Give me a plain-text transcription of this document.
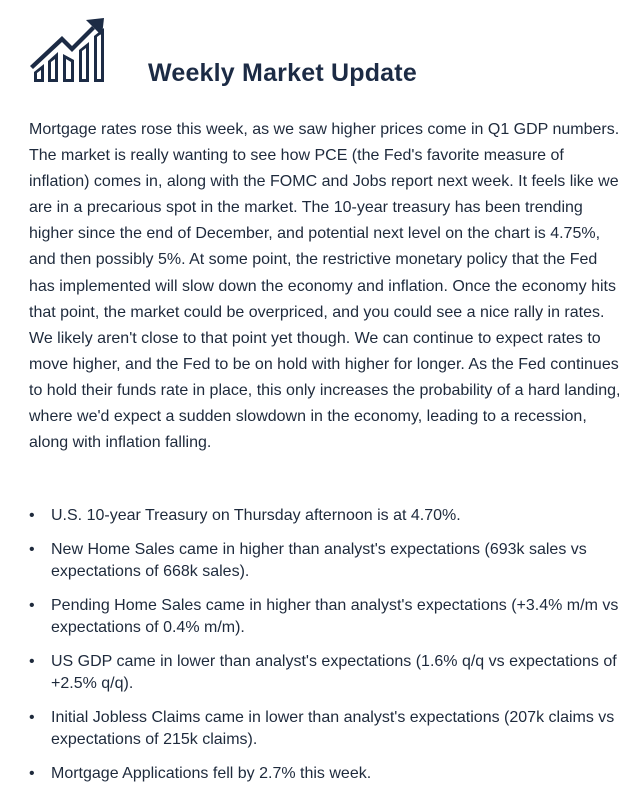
Weekly Market Update

Mortgage rates rose this week, as we saw higher prices come in Q1 GDP numbers. The market is really wanting to see how PCE (the Fed's favorite measure of inflation) comes in, along with the FOMC and Jobs report next week. It feels like we are in a precarious spot in the market. The 10-year treasury has been trending higher since the end of December, and potential next level on the chart is 4.75%, and then possibly 5%. At some point, the restrictive monetary policy that the Fed has implemented will slow down the economy and inflation. Once the economy hits that point, the market could be overpriced, and you could see a nice rally in rates. We likely aren't close to that point yet though. We can continue to expect rates to move higher, and the Fed to be on hold with higher for longer. As the Fed continues to hold their funds rate in place, this only increases the probability of a hard landing, where we'd expect a sudden slowdown in the economy, leading to a recession, along with inflation falling.

•	U.S. 10-year Treasury on Thursday afternoon is at 4.70%.
•	New Home Sales came in higher than analyst's expectations (693k sales vs expectations of 668k sales).
•	Pending Home Sales came in higher than analyst's expectations (+3.4% m/m vs expectations of 0.4% m/m).
•	US GDP came in lower than analyst's expectations (1.6% q/q vs expectations of +2.5% q/q).
•	Initial Jobless Claims came in lower than analyst's expectations (207k claims vs expectations of 215k claims).
•	Mortgage Applications fell by 2.7% this week.
